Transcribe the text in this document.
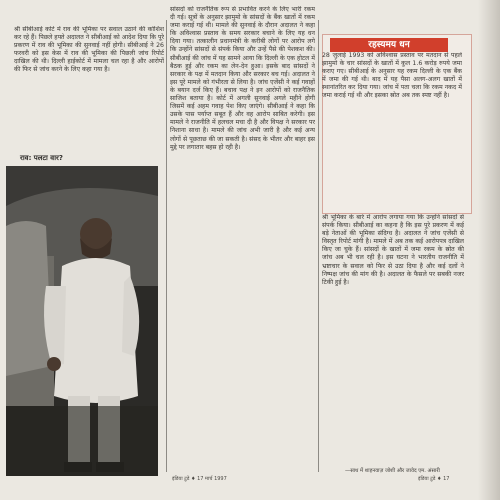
श्री सीबीआई कोर्ट में राव की भूमिका पर सवाल उठाने की कोशिश कर रहे हैं। पिछले हफ्ते अदालत ने सीबीआई को आदेश दिया कि पूरे प्रकरण में राव की भूमिका की सुनवाई नहीं होगी। सीबीआई ने 26 फरवरी को इस केस में राव की भूमिका की पिछली जांच रिपोर्ट दाखिल की थी। दिल्ली हाईकोर्ट में मामला चल रहा है और आरोपों की फिर से जांच करने के लिए कहा गया है।

राव: पलटा वार?

सांसदों को राजनैतिक रूप से प्रभावित करने के लिए भारी रकम दी गई। सूत्रों के अनुसार झामुमो के सांसदों के बैंक खातों में रकम जमा कराई गई थी। मामले की सुनवाई के दौरान अदालत ने कहा कि अविश्वास प्रस्ताव के समय सरकार बचाने के लिए यह धन दिया गया। तत्कालीन प्रधानमंत्री के करीबी लोगों पर आरोप लगे कि उन्होंने सांसदों से संपर्क किया और उन्हें पैसे की पेशकश की। सीबीआई की जांच में यह सामने आया कि दिल्ली के एक होटल में बैठक हुई और रकम का लेन-देन हुआ। इसके बाद सांसदों ने सरकार के पक्ष में मतदान किया और सरकार बच गई। अदालत ने इस पूरे मामले को गंभीरता से लिया है। जांच एजेंसी ने कई गवाहों के बयान दर्ज किए हैं। बचाव पक्ष ने इन आरोपों को राजनैतिक साजिश बताया है। कोर्ट में अगली सुनवाई अगले महीने होगी जिसमें कई अहम गवाह पेश किए जाएंगे। सीबीआई ने कहा कि उसके पास पर्याप्त सबूत हैं और वह आरोप साबित करेगी। इस मामले ने राजनीति में हलचल मचा दी है और विपक्ष ने सरकार पर निशाना साधा है। मामले की जांच अभी जारी है और कई अन्य लोगों से पूछताछ की जा सकती है। संसद के भीतर और बाहर इस मुद्दे पर लगातार बहस हो रही है।

रहस्यमय धन

28 जुलाई 1993 को अविश्वास प्रस्ताव पर मतदान से पहले झामुमो के चार सांसदों के खातों में कुल 1.6 करोड़ रुपये जमा कराए गए। सीबीआई के अनुसार यह रकम दिल्ली के एक बैंक में जमा की गई थी। बाद में यह पैसा अलग-अलग खातों में स्थानांतरित कर दिया गया। जांच में पता चला कि रकम नकद में जमा कराई गई थी और इसका स्रोत अब तक स्पष्ट नहीं है।

श्री भूमिका के बारे में आरोप लगाया गया कि उन्होंने सांसदों से संपर्क किया। सीबीआई का कहना है कि इस पूरे प्रकरण में कई बड़े नेताओं की भूमिका संदिग्ध है। अदालत ने जांच एजेंसी से विस्तृत रिपोर्ट मांगी है। मामले में अब तक कई आरोपपत्र दाखिल किए जा चुके हैं। सांसदों के खातों में जमा रकम के स्रोत की जांच अब भी चल रही है। इस घटना ने भारतीय राजनीति में भ्रष्टाचार के सवाल को फिर से उठा दिया है और कई दलों ने निष्पक्ष जांच की मांग की है। अदालत के फैसले पर सबकी नजर टिकी हुई है।

—साथ में शाहनवाज़ जोशी और जावेद एम. अंसारी
इंडिया टुडे ♦ 17 मार्च 1997	इंडिया टुडे ♦ 17
